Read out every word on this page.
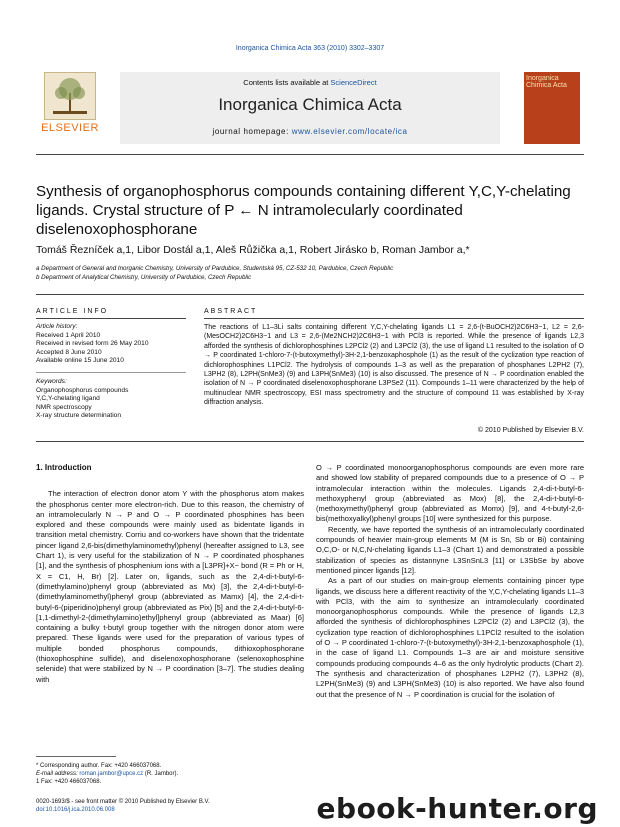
Inorganica Chimica Acta 363 (2010) 3302–3307
ELSEVIER
Contents lists available at ScienceDirect
Inorganica Chimica Acta
journal homepage: www.elsevier.com/locate/ica
Inorganica Chimica Acta
Synthesis of organophosphorus compounds containing different Y,C,Y-chelating ligands. Crystal structure of P ← N intramolecularly coordinated diselenoxophosphorane
Tomáš Řezníček a,1, Libor Dostál a,1, Aleš Růžička a,1, Robert Jirásko b, Roman Jambor a,*
a Department of General and Inorganic Chemistry, University of Pardubice, Studentská 95, CZ-532 10, Pardubice, Czech Republic
b Department of Analytical Chemistry, University of Pardubice, Czech Republic
ARTICLE INFO	ABSTRACT
Article history:
Received 1 April 2010
Received in revised form 26 May 2010
Accepted 8 June 2010
Available online 15 June 2010
Keywords:
Organophosphorus compounds
Y,C,Y-chelating ligand
NMR spectroscopy
X-ray structure determination
The reactions of L1–3Li salts containing different Y,C,Y-chelating ligands L1 = 2,6-(t-BuOCH2)2C6H3−1, L2 = 2,6-(MesOCH2)2C6H3−1 and L3 = 2,6-(Me2NCH2)2C6H3−1 with PCl3 is reported. While the presence of ligands L2,3 afforded the synthesis of dichlorophosphines L2PCl2 (2) and L3PCl2 (3), the use of ligand L1 resulted to the isolation of O → P coordinated 1-chloro-7-(t-butoxymethyl)-3H-2,1-benzoxaphosphole (1) as the result of the cyclization type reaction of dichlorophosphines L1PCl2. The hydrolysis of compounds 1–3 as well as the preparation of phosphanes L2PH2 (7), L3PH2 (8), L2PH(SnMe3) (9) and L3PH(SnMe3) (10) is also discussed. The presence of N → P coordination enabled the isolation of N → P coordinated diselenoxophosphorane L3PSe2 (11). Compounds 1–11 were characterized by the help of multinuclear NMR spectroscopy, ESI mass spectrometry and the structure of compound 11 was established by X-ray diffraction analysis.
© 2010 Published by Elsevier B.V.

1. Introduction

The interaction of electron donor atom Y with the phosphorus atom makes the phosphorus center more electron-rich. Due to this reason, the chemistry of an intramolecularly N → P and O → P coordinated phosphines has been explored and these compounds were mainly used as bidentate ligands in transition metal chemistry. Corriu and co-workers have shown that the tridentate pincer ligand 2,6-bis(dimethylaminomethyl)phenyl (hereafter assigned to L3, see Chart 1), is very useful for the stabilization of N → P coordinated phosphanes [1], and the synthesis of phosphenium ions with a [L3PR]+X− bond (R = Ph or H, X = C1, H, Br) [2]. Later on, ligands, such as the 2,4-di-t-butyl-6-(dimethylamino)phenyl group (abbreviated as Mx) [3], the 2,4-di-t-butyl-6-(dimethylaminomethyl)phenyl group (abbreviated as Mamx) [4], the 2,4-di-t-butyl-6-(piperidino)phenyl group (abbreviated as Pix) [5] and the 2,4-di-t-butyl-6-[1,1-dimethyl-2-(dimethylamino)ethyl]phenyl group (abbreviated as Maar) [6] containing a bulky t-butyl group together with the nitrogen donor atom were prepared. These ligands were used for the preparation of various types of multiple bonded phosphorus compounds, dithioxophosphorane (thioxophosphine sulfide), and diselenoxophosphorane (selenoxophosphine selenide) that were stabilized by N → P coordination [3–7]. The studies dealing with

O → P coordinated monoorganophosphorus compounds are even more rare and showed low stability of prepared compounds due to a presence of O → P intramolecular interaction within the molecules. Ligands 2,4-di-t-butyl-6-methoxyphenyl group (abbreviated as Mox) [8], the 2,4-di-t-butyl-6-(methoxymethyl)phenyl group (abbreviated as Momx) [9], and 4-t-butyl-2,6-bis(methoxyalkyl)phenyl groups [10] were synthesized for this purpose.

Recently, we have reported the synthesis of an intramolecularly coordinated compounds of heavier main-group elements M (M is Sn, Sb or Bi) containing O,C,O- or N,C,N-chelating ligands L1–3 (Chart 1) and demonstrated a possible stabilization of species as distannyne L3SnSnL3 [11] or L3SbSe by above mentioned pincer ligands [12].

As a part of our studies on main-group elements containing pincer type ligands, we discuss here a different reactivity of the Y,C,Y-chelating ligands L1–3 with PCl3, with the aim to synthesize an intramolecularly coordinated monoorganophosphorus compounds. While the presence of ligands L2,3 afforded the synthesis of dichlorophosphines L2PCl2 (2) and L3PCl2 (3), the cyclization type reaction of dichlorophosphines L1PCl2 resulted to the isolation of O → P coordinated 1-chloro-7-(t-butoxymethyl)-3H-2,1-benzoxaphosphole (1), in the case of ligand L1. Compounds 1–3 are air and moisture sensitive compounds producing compounds 4–6 as the only hydrolytic products (Chart 2). The synthesis and characterization of phosphanes L2PH2 (7), L3PH2 (8), L2PH(SnMe3) (9) and L3PH(SnMe3) (10) is also reported. We have also found out that the presence of N → P coordination is crucial for the isolation of

* Corresponding author. Fax: +420 466037068.
E-mail address: roman.jambor@upce.cz (R. Jambor).
1 Fax: +420 466037068.
0020-1693/$ - see front matter © 2010 Published by Elsevier B.V.
doi:10.1016/j.ica.2010.06.008	ebook-hunter.org
